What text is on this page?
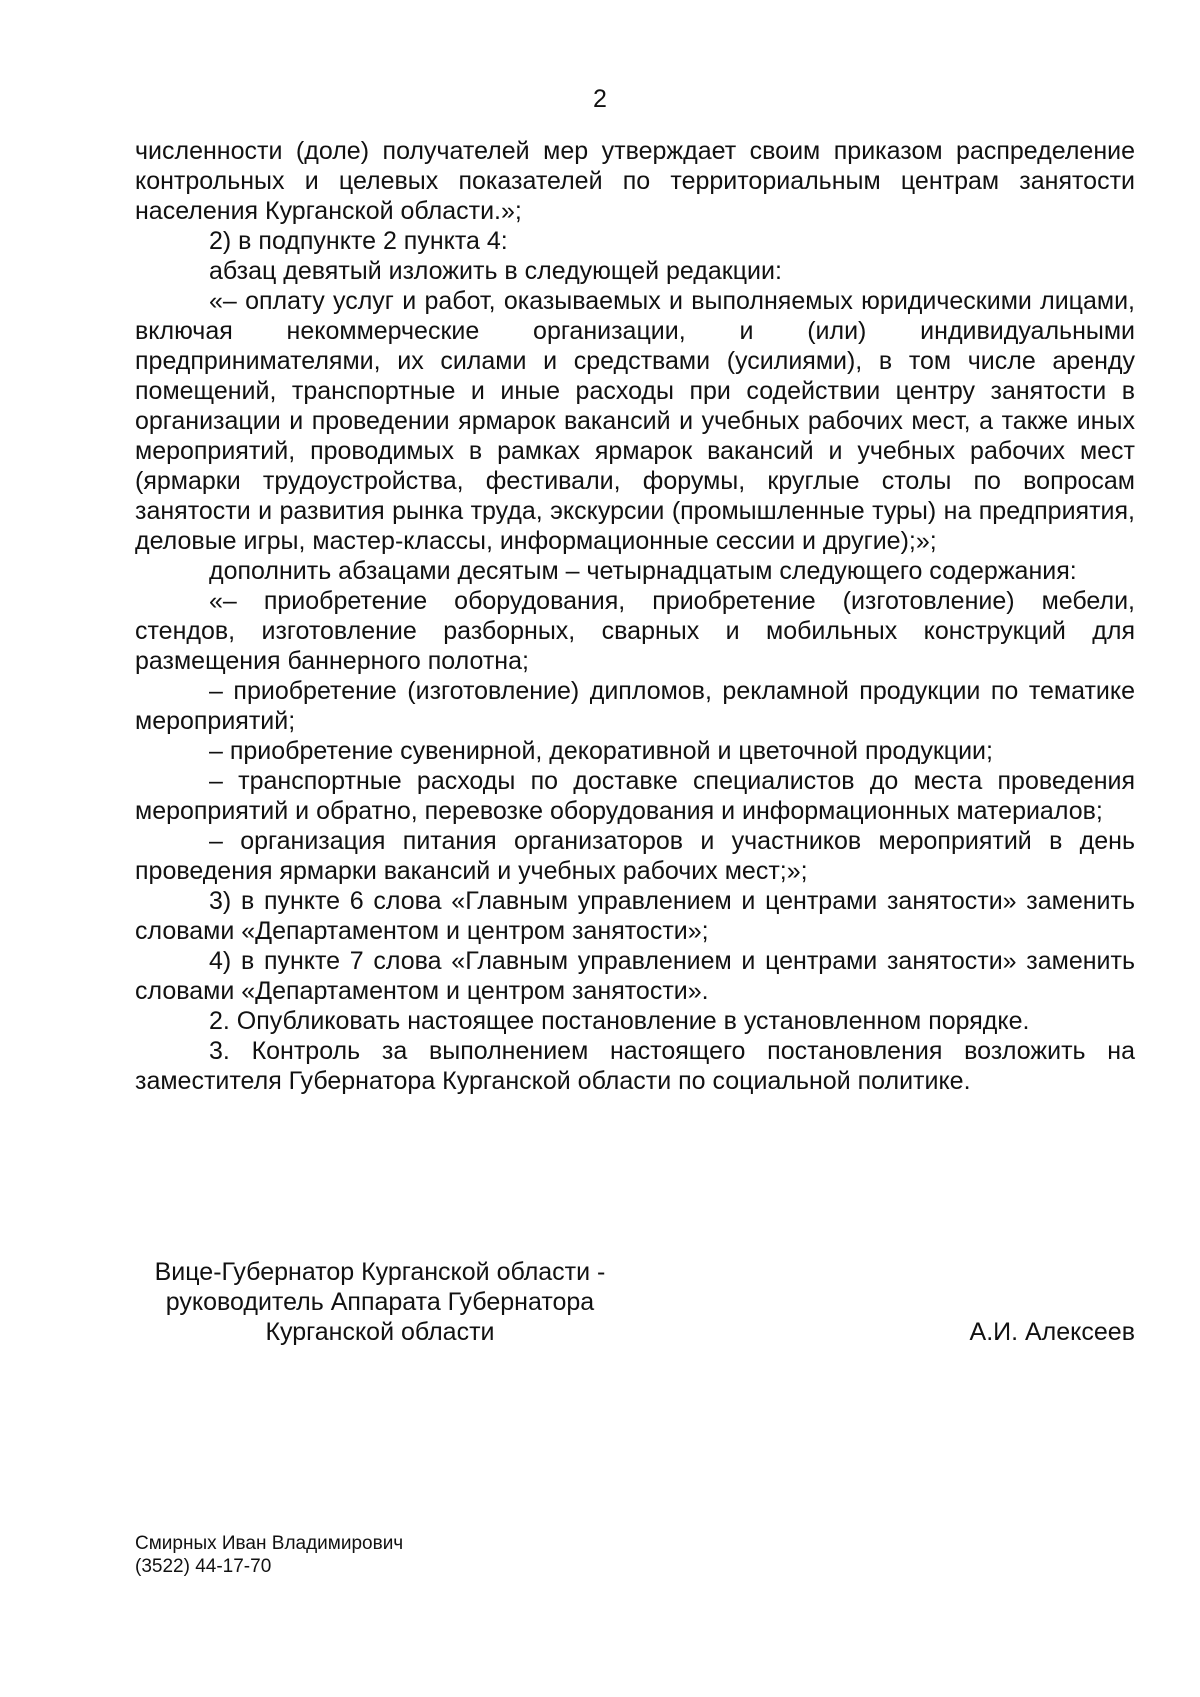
2

численности (доле) получателей мер утверждает своим приказом распределение контрольных и целевых показателей по территориальным центрам занятости населения Курганской области.»;

2) в подпункте 2 пункта 4:

абзац девятый изложить в следующей редакции:

«– оплату услуг и работ, оказываемых и выполняемых юридическими лицами, включая некоммерческие организации, и (или) индивидуальными предпринимателями, их силами и средствами (усилиями), в том числе аренду помещений, транспортные и иные расходы при содействии центру занятости в организации и проведении ярмарок вакансий и учебных рабочих мест, а также иных мероприятий, проводимых в рамках ярмарок вакансий и учебных рабочих мест (ярмарки трудоустройства, фестивали, форумы, круглые столы по вопросам занятости и развития рынка труда, экскурсии (промышленные туры) на предприятия, деловые игры, мастер-классы, информационные сессии и другие);»;

дополнить абзацами десятым – четырнадцатым следующего содержания:

«– приобретение оборудования, приобретение (изготовление) мебели, стендов, изготовление разборных, сварных и мобильных конструкций для размещения баннерного полотна;

– приобретение (изготовление) дипломов, рекламной продукции по тематике мероприятий;

– приобретение сувенирной, декоративной и цветочной продукции;

– транспортные расходы по доставке специалистов до места проведения мероприятий и обратно, перевозке оборудования и информационных материалов;

– организация питания организаторов и участников мероприятий в день проведения ярмарки вакансий и учебных рабочих мест;»;

3) в пункте 6 слова «Главным управлением и центрами занятости» заменить словами «Департаментом и центром занятости»;

4) в пункте 7 слова «Главным управлением и центрами занятости» заменить словами «Департаментом и центром занятости».

2. Опубликовать настоящее постановление в установленном порядке.

3. Контроль за выполнением настоящего постановления возложить на заместителя Губернатора Курганской области по социальной политике.

Вице-Губернатор Курганской области -
руководитель Аппарата Губернатора
Курганской области	А.И. Алексеев
Смирных Иван Владимирович
(3522) 44-17-70
